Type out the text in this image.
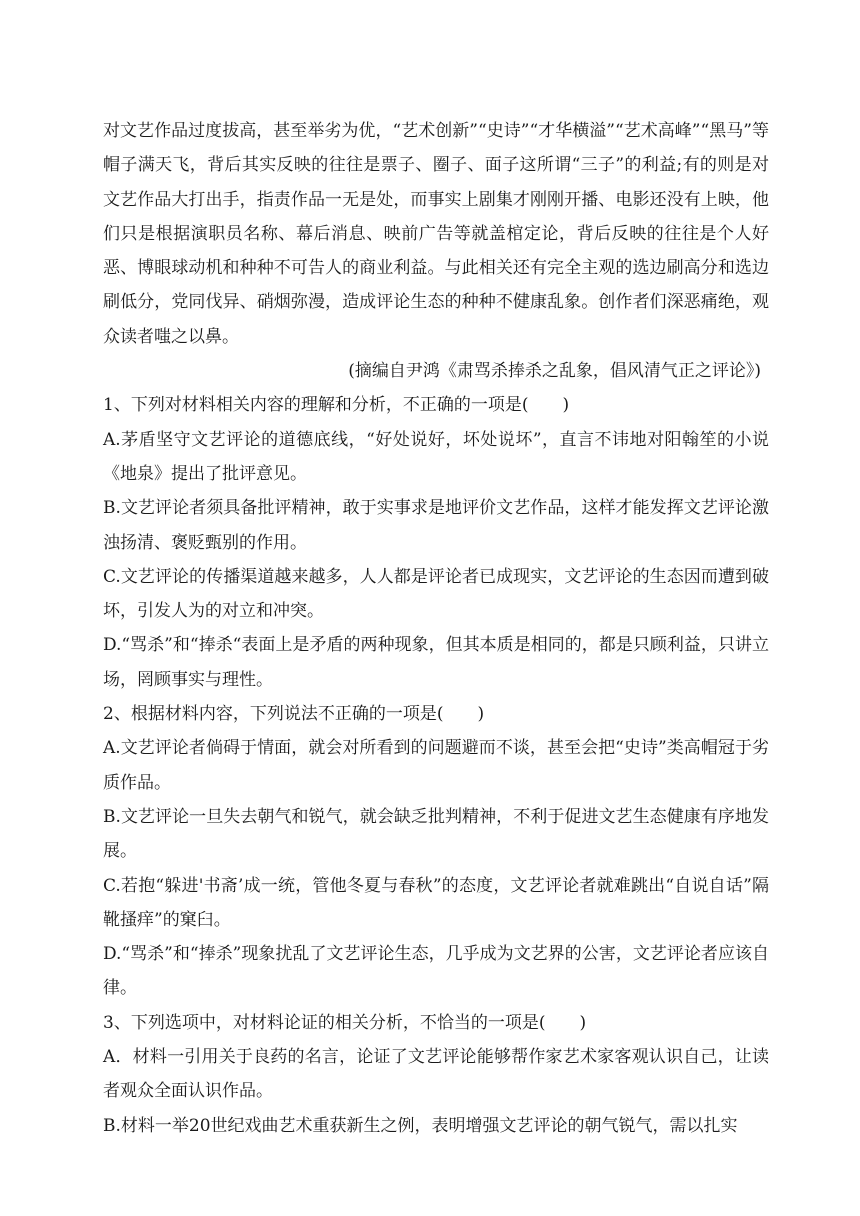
对文艺作品过度拔高，甚至举劣为优，“艺术创新”“史诗”“才华横溢”“艺术高峰”“黑马”等帽子满天飞，背后其实反映的往往是票子、圈子、面子这所谓“三子”的利益;有的则是对文艺作品大打出手，指责作品一无是处，而事实上剧集才刚刚开播、电影还没有上映，他们只是根据演职员名称、幕后消息、映前广告等就盖棺定论，背后反映的往往是个人好恶、博眼球动机和种种不可告人的商业利益。与此相关还有完全主观的选边刷高分和选边刷低分，党同伐异、硝烟弥漫，造成评论生态的种种不健康乱象。创作者们深恶痛绝，观众读者嗤之以鼻。

(摘编自尹鸿《肃骂杀捧杀之乱象，倡风清气正之评论》)

1、下列对材料相关内容的理解和分析，不正确的一项是(　　)

A.茅盾坚守文艺评论的道德底线，“好处说好，坏处说坏”，直言不讳地对阳翰笙的小说《地泉》提出了批评意见。

B.文艺评论者须具备批评精神，敢于实事求是地评价文艺作品，这样才能发挥文艺评论激浊扬清、褒贬甄别的作用。

C.文艺评论的传播渠道越来越多，人人都是评论者已成现实，文艺评论的生态因而遭到破坏，引发人为的对立和冲突。

D.“骂杀”和“捧杀“表面上是矛盾的两种现象，但其本质是相同的，都是只顾利益，只讲立场，罔顾事实与理性。

2、根据材料内容，下列说法不正确的一项是(　　)

A.文艺评论者倘碍于情面，就会对所看到的问题避而不谈，甚至会把“史诗”类高帽冠于劣质作品。

B.文艺评论一旦失去朝气和锐气，就会缺乏批判精神，不利于促进文艺生态健康有序地发展。

C.若抱“躲进'书斋’成一统，管他冬夏与春秋”的态度，文艺评论者就难跳出“自说自话”隔靴搔痒”的窠臼。

D.“骂杀”和“捧杀”现象扰乱了文艺评论生态，几乎成为文艺界的公害，文艺评论者应该自律。

3、下列选项中，对材料论证的相关分析，不恰当的一项是(　　)

A．材料一引用关于良药的名言，论证了文艺评论能够帮作家艺术家客观认识自己，让读者观众全面认识作品。

B.材料一举20世纪戏曲艺术重获新生之例，表明增强文艺评论的朝气锐气，需以扎实
